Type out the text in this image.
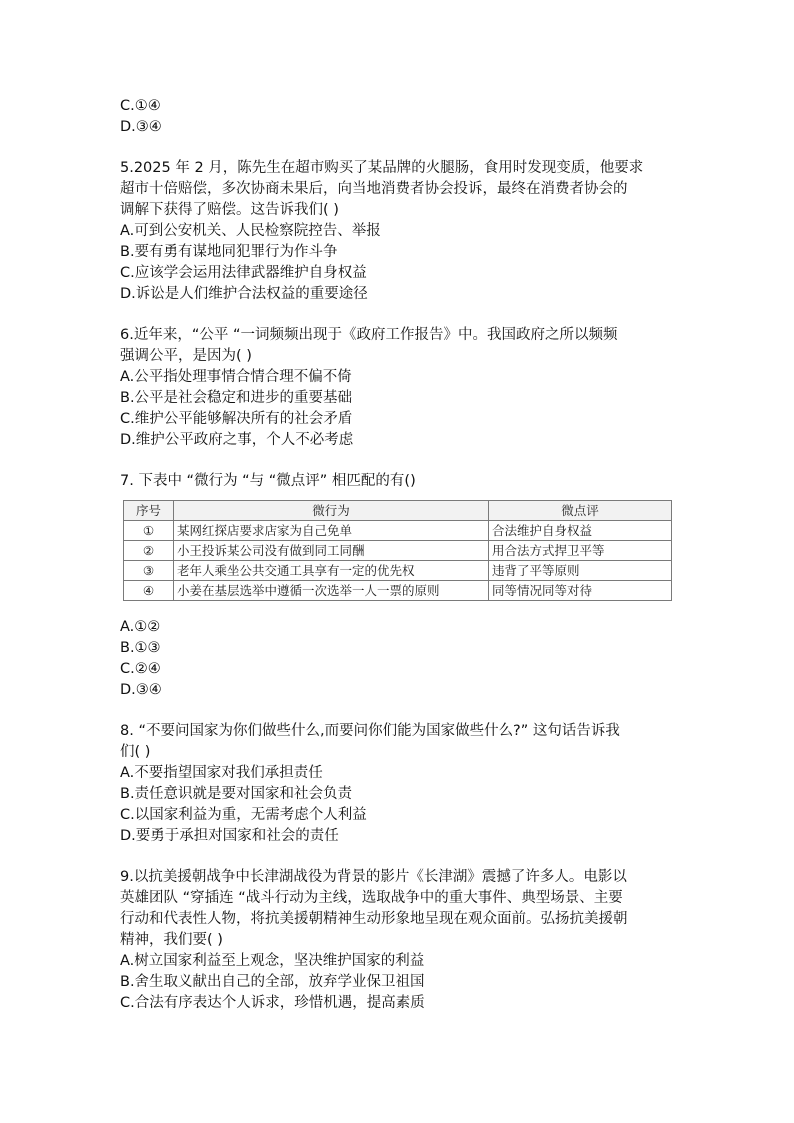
C.①④
D.③④
5.2025 年 2 月，陈先生在超市购买了某品牌的火腿肠，食用时发现变质，他要求
超市十倍赔偿，多次协商未果后，向当地消费者协会投诉，最终在消费者协会的
调解下获得了赔偿。这告诉我们( )
A.可到公安机关、人民检察院控告、举报
B.要有勇有谋地同犯罪行为作斗争
C.应该学会运用法律武器维护自身权益
D.诉讼是人们维护合法权益的重要途径
6.近年来，“公平 “一词频频出现于《政府工作报告》中。我国政府之所以频频
强调公平，是因为( )
A.公平指处理事情合情合理不偏不倚
B.公平是社会稳定和进步的重要基础
C.维护公平能够解决所有的社会矛盾
D.维护公平政府之事，个人不必考虑
7. 下表中 “微行为 “与 “微点评” 相匹配的有()
序号	微行为	微点评
①	某网红探店要求店家为自己免单	合法维护自身权益
②	小王投诉某公司没有做到同工同酬	用合法方式捍卫平等
③	老年人乘坐公共交通工具享有一定的优先权	违背了平等原则
④	小姜在基层选举中遵循一次选举一人一票的原则	同等情况同等对待
A.①②
B.①③
C.②④
D.③④
8. “不要问国家为你们做些什么,而要问你们能为国家做些什么?” 这句话告诉我
们( )
A.不要指望国家对我们承担责任
B.责任意识就是要对国家和社会负责
C.以国家利益为重，无需考虑个人利益
D.要勇于承担对国家和社会的责任
9.以抗美援朝战争中长津湖战役为背景的影片《长津湖》震撼了许多人。电影以
英雄团队 “穿插连 “战斗行动为主线，选取战争中的重大事件、典型场景、主要
行动和代表性人物，将抗美援朝精神生动形象地呈现在观众面前。弘扬抗美援朝
精神，我们要( )
A.树立国家利益至上观念，坚决维护国家的利益
B.舍生取义献出自己的全部，放弃学业保卫祖国
C.合法有序表达个人诉求，珍惜机遇，提高素质
